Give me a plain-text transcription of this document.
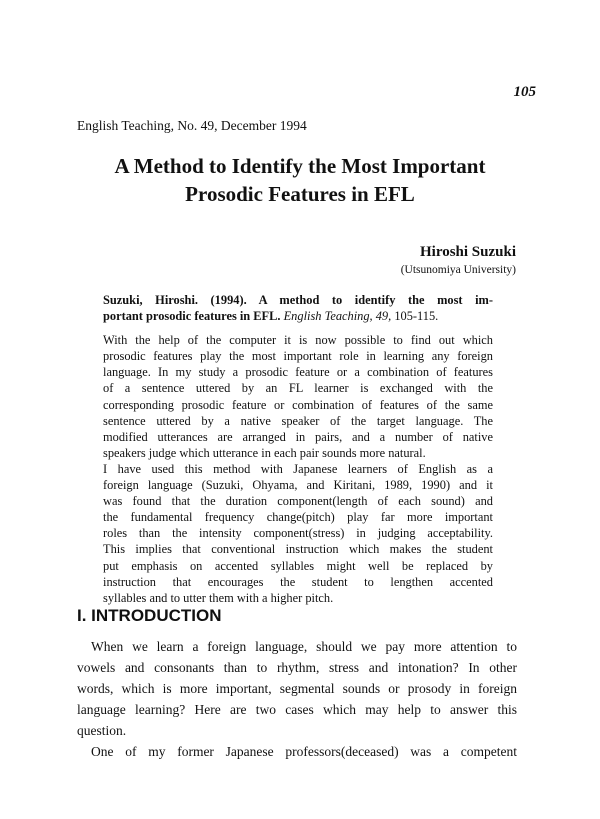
105
English Teaching, No. 49, December 1994
A Method to Identify the Most Important
Prosodic Features in EFL
Hiroshi Suzuki
(Utsunomiya University)
Suzuki, Hiroshi. (1994). A method to identify the most im-
portant prosodic features in EFL. English Teaching, 49, 105-115.
With the help of the computer it is now possible to find out which
prosodic features play the most important role in learning any foreign
language. In my study a prosodic feature or a combination of features
of a sentence uttered by an FL learner is exchanged with the
corresponding prosodic feature or combination of features of the same
sentence uttered by a native speaker of the target language. The
modified utterances are arranged in pairs, and a number of native
speakers judge which utterance in each pair sounds more natural.
I have used this method with Japanese learners of English as a
foreign language (Suzuki, Ohyama, and Kiritani, 1989, 1990) and it
was found that the duration component(length of each sound) and
the fundamental frequency change(pitch) play far more important
roles than the intensity component(stress) in judging acceptability.
This implies that conventional instruction which makes the student
put emphasis on accented syllables might well be replaced by
instruction that encourages the student to lengthen accented
syllables and to utter them with a higher pitch.
I. INTRODUCTION
When we learn a foreign language, should we pay more attention to
vowels and consonants than to rhythm, stress and intonation? In other
words, which is more important, segmental sounds or prosody in foreign
language learning? Here are two cases which may help to answer this
question.
One of my former Japanese professors(deceased) was a competent
